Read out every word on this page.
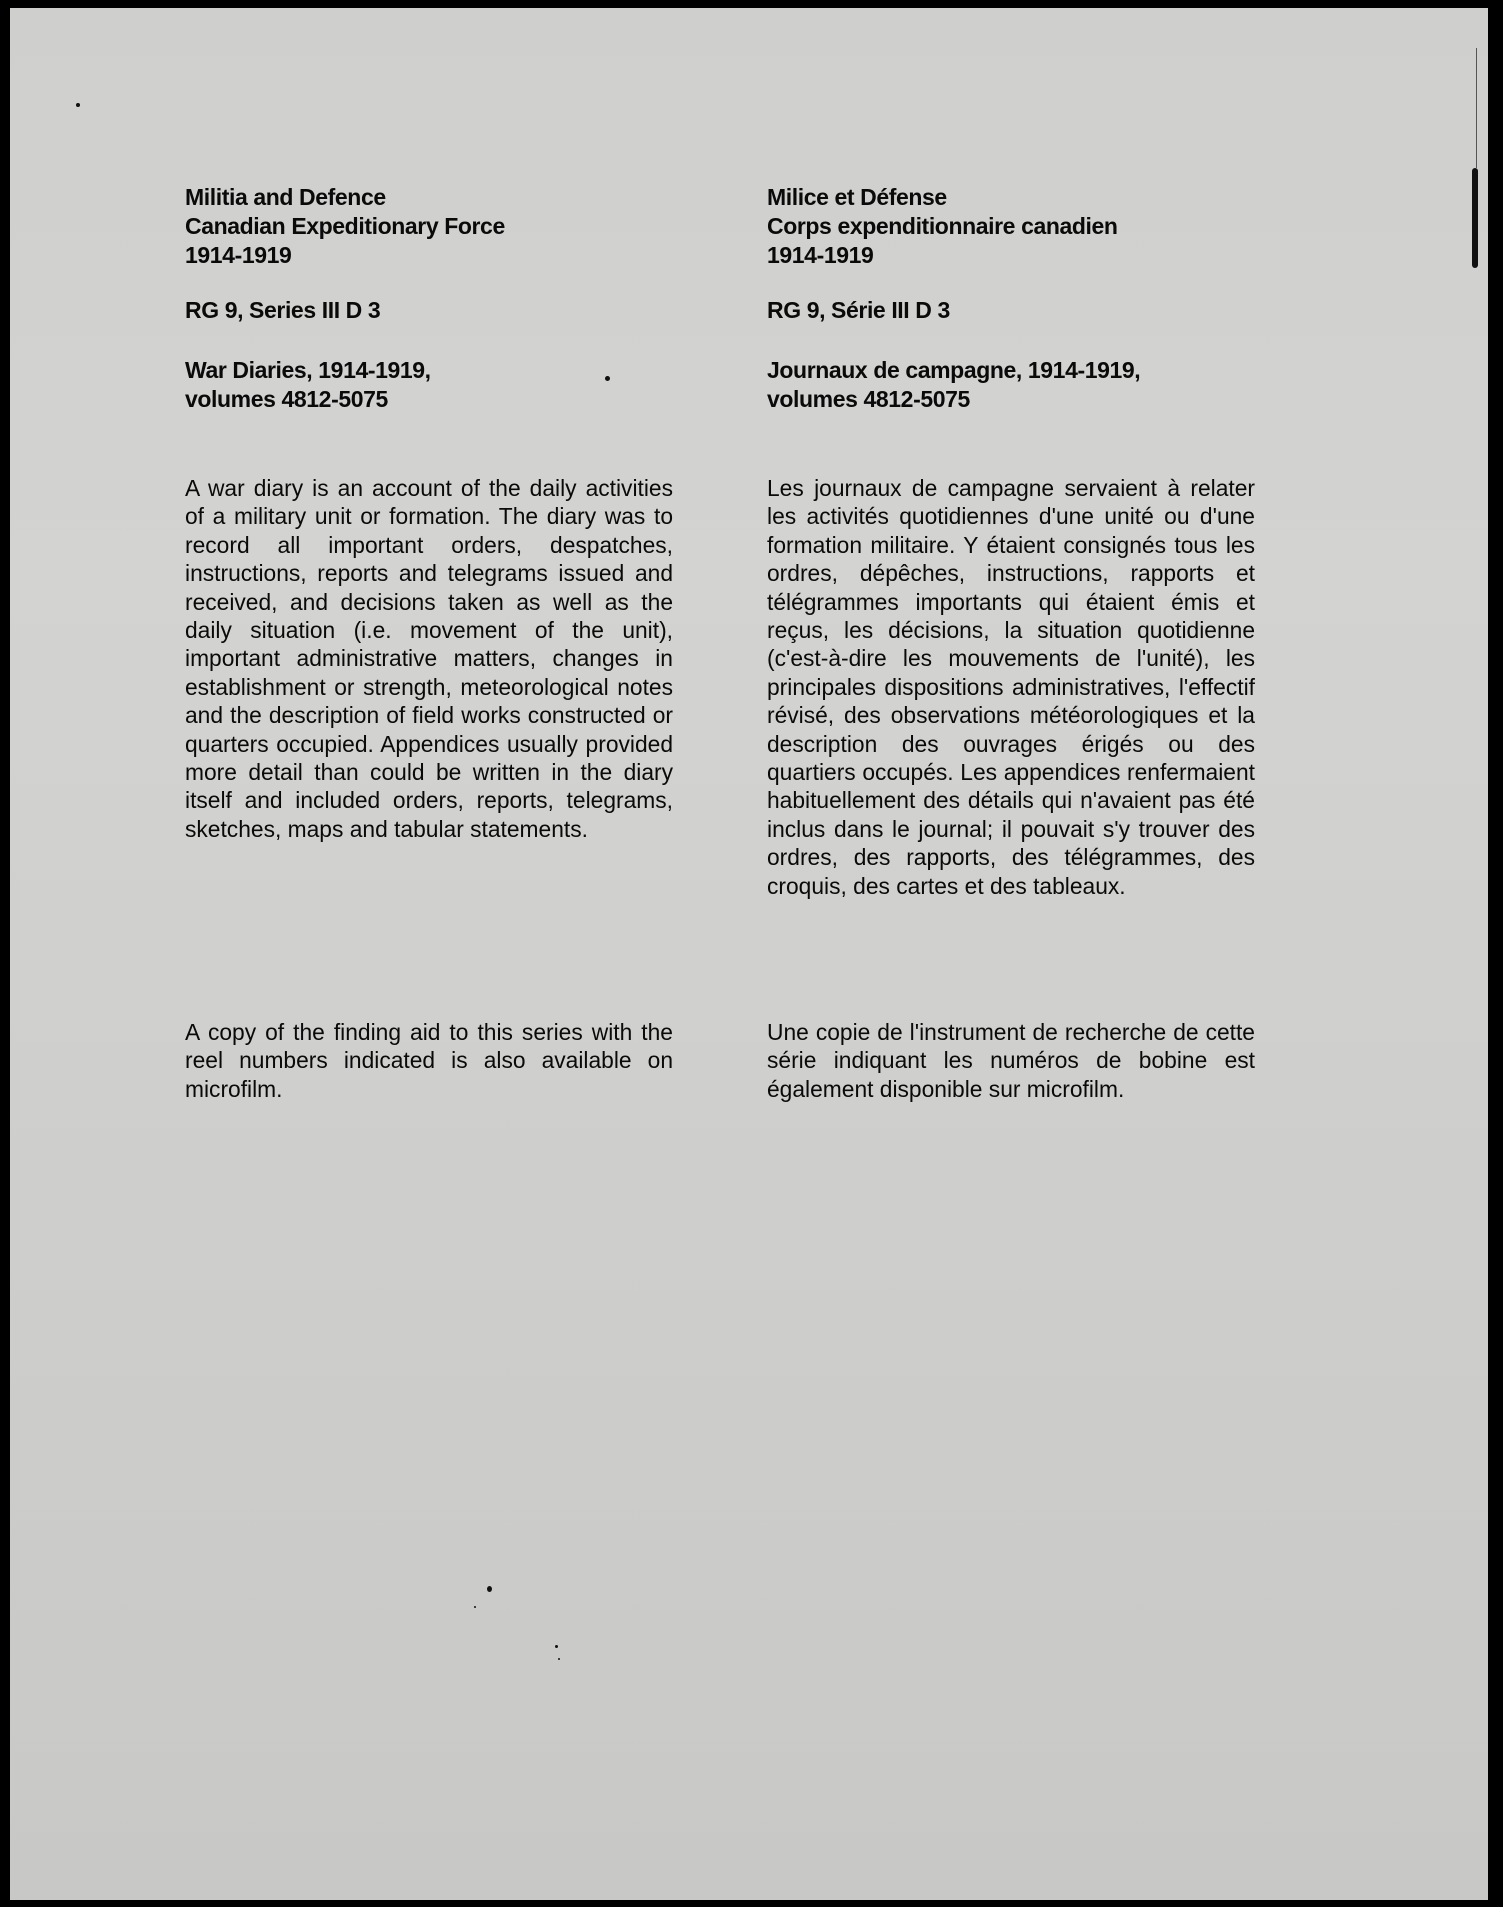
Militia and Defence
Canadian Expeditionary Force
1914-1919
RG 9, Series III D 3
War Diaries, 1914-1919,
volumes 4812-5075

A war diary is an account of the daily activities of a military unit or formation. The diary was to record all important orders, despatches, instructions, reports and telegrams issued and received, and decisions taken as well as the daily situation (i.e. movement of the unit), important administrative matters, changes in establishment or strength, meteorological notes and the description of field works constructed or quarters occupied. Appendices usually provided more detail than could be written in the diary itself and included orders, reports, telegrams, sketches, maps and tabular statements.

A copy of the finding aid to this series with the reel numbers indicated is also available on microfilm.

Milice et Défense
Corps expenditionnaire canadien
1914-1919
RG 9, Série III D 3
Journaux de campagne, 1914-1919,
volumes 4812-5075

Les journaux de campagne servaient à relater les activités quotidiennes d'une unité ou d'une formation militaire. Y étaient consignés tous les ordres, dépêches, instructions, rapports et télégrammes importants qui étaient émis et reçus, les décisions, la situation quotidienne (c'est-à-dire les mouvements de l'unité), les principales dispositions administratives, l'effectif révisé, des observations météorologiques et la description des ouvrages érigés ou des quartiers occupés. Les appendices renfermaient habituellement des détails qui n'avaient pas été inclus dans le journal; il pouvait s'y trouver des ordres, des rapports, des télégrammes, des croquis, des cartes et des tableaux.

Une copie de l'instrument de recherche de cette série indiquant les numéros de bobine est également disponible sur microfilm.
